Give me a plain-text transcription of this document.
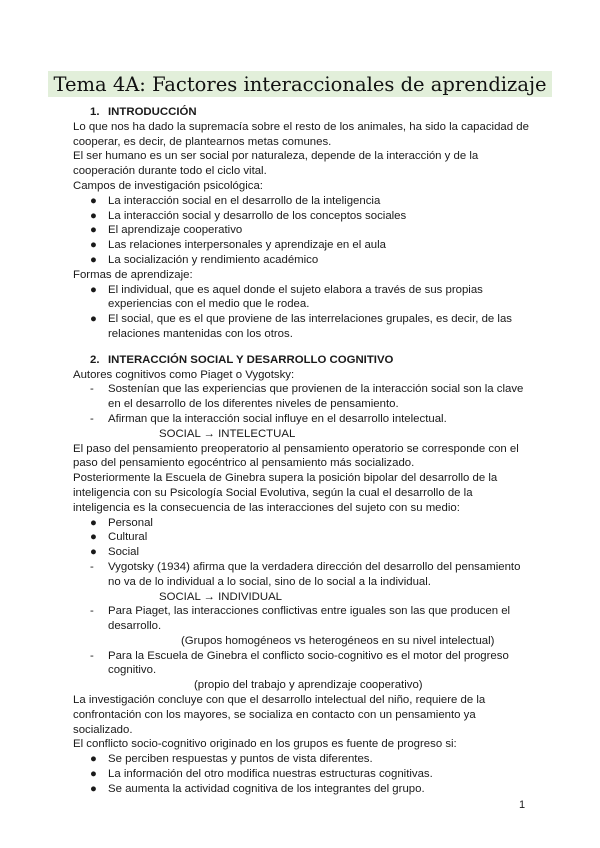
Tema 4A: Factores interaccionales de aprendizaje
1. INTRODUCCIÓN

Lo que nos ha dado la supremacía sobre el resto de los animales, ha sido la capacidad de cooperar, es decir, de plantearnos metas comunes.

El ser humano es un ser social por naturaleza, depende de la interacción y de la cooperación durante todo el ciclo vital.

Campos de investigación psicológica:

● La interacción social en el desarrollo de la inteligencia
● La interacción social y desarrollo de los conceptos sociales
● El aprendizaje cooperativo
● Las relaciones interpersonales y aprendizaje en el aula
● La socialización y rendimiento académico

Formas de aprendizaje:

● El individual, que es aquel donde el sujeto elabora a través de sus propias experiencias con el medio que le rodea.
● El social, que es el que proviene de las interrelaciones grupales, es decir, de las relaciones mantenidas con los otros.
2. INTERACCIÓN SOCIAL Y DESARROLLO COGNITIVO

Autores cognitivos como Piaget o Vygotsky:

- Sostenían que las experiencias que provienen de la interacción social son la clave en el desarrollo de los diferentes niveles de pensamiento.
- Afirman que la interacción social influye en el desarrollo intelectual.
SOCIAL → INTELECTUAL

El paso del pensamiento preoperatorio al pensamiento operatorio se corresponde con el paso del pensamiento egocéntrico al pensamiento más socializado.

Posteriormente la Escuela de Ginebra supera la posición bipolar del desarrollo de la inteligencia con su Psicología Social Evolutiva, según la cual el desarrollo de la inteligencia es la consecuencia de las interacciones del sujeto con su medio:

● Personal
● Cultural
● Social
- Vygotsky (1934) afirma que la verdadera dirección del desarrollo del pensamiento no va de lo individual a lo social, sino de lo social a la individual.
SOCIAL → INDIVIDUAL
- Para Piaget, las interacciones conflictivas entre iguales son las que producen el desarrollo.
(Grupos homogéneos vs heterogéneos en su nivel intelectual)
- Para la Escuela de Ginebra el conflicto socio-cognitivo es el motor del progreso cognitivo.
(propio del trabajo y aprendizaje cooperativo)

La investigación concluye con que el desarrollo intelectual del niño, requiere de la confrontación con los mayores, se socializa en contacto con un pensamiento ya socializado.

El conflicto socio-cognitivo originado en los grupos es fuente de progreso si:

● Se perciben respuestas y puntos de vista diferentes.
● La información del otro modifica nuestras estructuras cognitivas.
● Se aumenta la actividad cognitiva de los integrantes del grupo.
1
